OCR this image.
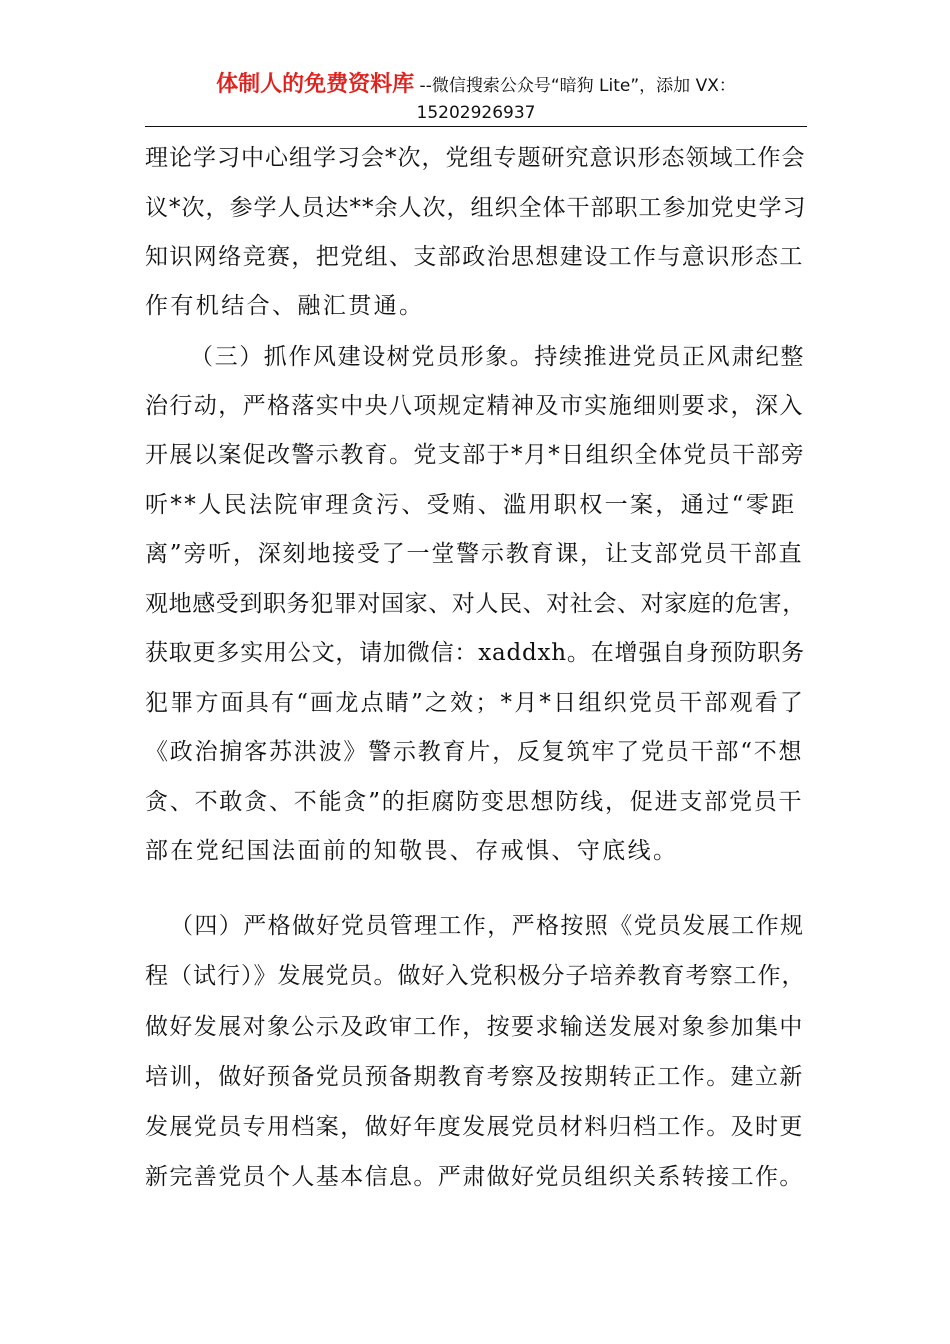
体制人的免费资料库 --微信搜索公众号“暗狗 Lite”，添加 VX：
15202926937
理论学习中心组学习会*次，党组专题研究意识形态领域工作会
议*次，参学人员达**余人次，组织全体干部职工参加党史学习
知识网络竞赛，把党组、支部政治思想建设工作与意识形态工
作有机结合、融汇贯通。
（三）抓作风建设树党员形象。持续推进党员正风肃纪整
治行动，严格落实中央八项规定精神及市实施细则要求，深入
开展以案促改警示教育。党支部于*月*日组织全体党员干部旁
听**人民法院审理贪污、受贿、滥用职权一案，通过“零距
离”旁听，深刻地接受了一堂警示教育课，让支部党员干部直
观地感受到职务犯罪对国家、对人民、对社会、对家庭的危害，
获取更多实用公文，请加微信：xaddxh。在增强自身预防职务
犯罪方面具有“画龙点睛”之效；*月*日组织党员干部观看了
《政治掮客苏洪波》警示教育片，反复筑牢了党员干部“不想
贪、不敢贪、不能贪”的拒腐防变思想防线，促进支部党员干
部在党纪国法面前的知敬畏、存戒惧、守底线。
（四）严格做好党员管理工作，严格按照《党员发展工作规
程（试行）》发展党员。做好入党积极分子培养教育考察工作，
做好发展对象公示及政审工作，按要求输送发展对象参加集中
培训，做好预备党员预备期教育考察及按期转正工作。建立新
发展党员专用档案，做好年度发展党员材料归档工作。及时更
新完善党员个人基本信息。严肃做好党员组织关系转接工作。
